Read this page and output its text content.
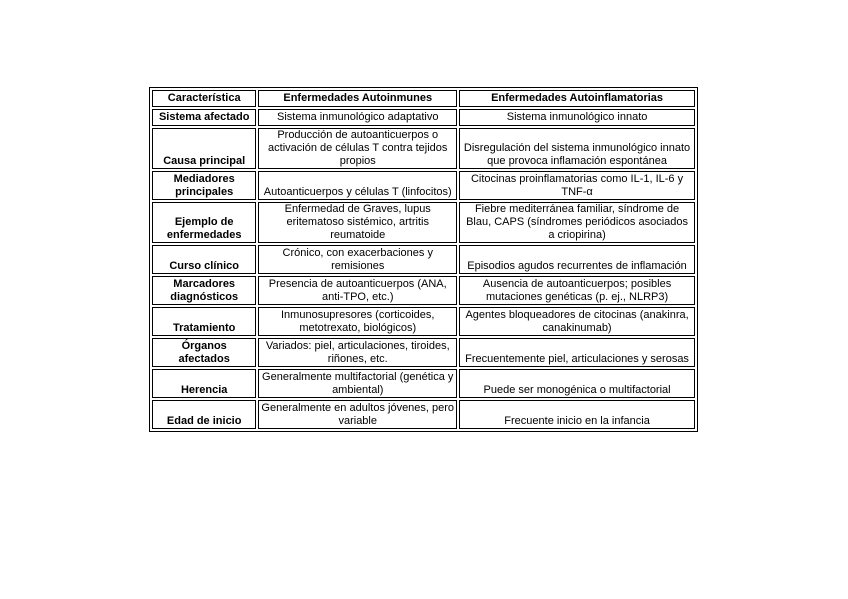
Característica	Enfermedades Autoinmunes	Enfermedades Autoinflamatorias
Sistema afectado	Sistema inmunológico adaptativo	Sistema inmunológico innato
Causa principal	Producción de autoanticuerpos o activación de células T contra tejidos propios	Disregulación del sistema inmunológico innato que provoca inflamación espontánea
Mediadores principales	Autoanticuerpos y células T (linfocitos)	Citocinas proinflamatorias como IL-1, IL-6 y TNF-α
Ejemplo de enfermedades	Enfermedad de Graves, lupus eritematoso sistémico, artritis reumatoide	Fiebre mediterránea familiar, síndrome de Blau, CAPS (síndromes periódicos asociados a criopirina)
Curso clínico	Crónico, con exacerbaciones y remisiones	Episodios agudos recurrentes de inflamación
Marcadores diagnósticos	Presencia de autoanticuerpos (ANA, anti-TPO, etc.)	Ausencia de autoanticuerpos; posibles mutaciones genéticas (p. ej., NLRP3)
Tratamiento	Inmunosupresores (corticoides, metotrexato, biológicos)	Agentes bloqueadores de citocinas (anakinra, canakinumab)
Órganos afectados	Variados: piel, articulaciones, tiroides, riñones, etc.	Frecuentemente piel, articulaciones y serosas
Herencia	Generalmente multifactorial (genética y ambiental)	Puede ser monogénica o multifactorial
Edad de inicio	Generalmente en adultos jóvenes, pero variable	Frecuente inicio en la infancia
